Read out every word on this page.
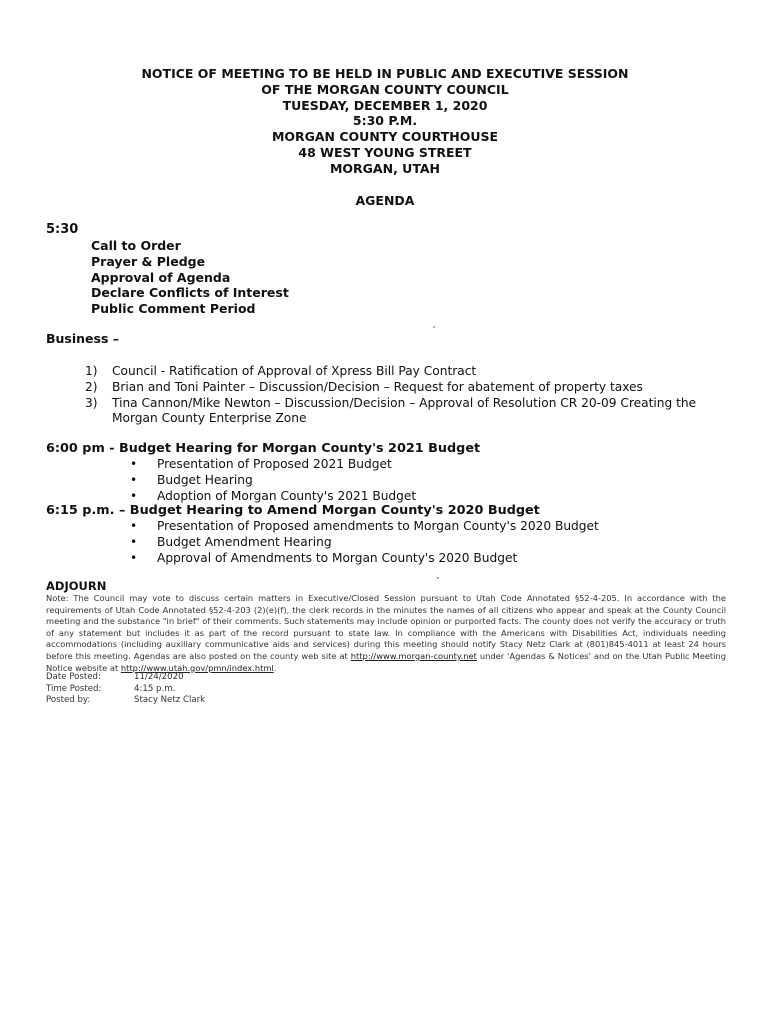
NOTICE OF MEETING TO BE HELD IN PUBLIC AND EXECUTIVE SESSION
OF THE MORGAN COUNTY COUNCIL
TUESDAY, DECEMBER 1, 2020
5:30 P.M.
MORGAN COUNTY COURTHOUSE
48 WEST YOUNG STREET
MORGAN, UTAH
AGENDA
5:30
Call to Order
Prayer & Pledge
Approval of Agenda
Declare Conflicts of Interest
Public Comment Period
Business –
1)	Council - Ratification of Approval of Xpress Bill Pay Contract
2)	Brian and Toni Painter – Discussion/Decision – Request for abatement of property taxes
3)	Tina Cannon/Mike Newton – Discussion/Decision – Approval of Resolution CR 20-09 Creating the Morgan County Enterprise Zone
6:00 pm - Budget Hearing for Morgan County's 2021 Budget
•	Presentation of Proposed 2021 Budget
•	Budget Hearing
•	Adoption of Morgan County's 2021 Budget
6:15 p.m. – Budget Hearing to Amend Morgan County's 2020 Budget
•	Presentation of Proposed amendments to Morgan County's 2020 Budget
•	Budget Amendment Hearing
•	Approval of Amendments to Morgan County's 2020 Budget
ADJOURN
Note: The Council may vote to discuss certain matters in Executive/Closed Session pursuant to Utah Code Annotated §52-4-205. In accordance with the requirements of Utah Code Annotated §52-4-203 (2)(e)(f), the clerk records in the minutes the names of all citizens who appear and speak at the County Council meeting and the substance "in brief" of their comments. Such statements may include opinion or purported facts. The county does not verify the accuracy or truth of any statement but includes it as part of the record pursuant to state law. In compliance with the Americans with Disabilities Act, individuals needing accommodations (including auxiliary communicative aids and services) during this meeting should notify Stacy Netz Clark at (801)845-4011 at least 24 hours before this meeting. Agendas are also posted on the county web site at http://www.morgan-county.net under 'Agendas & Notices' and on the Utah Public Meeting Notice website at http://www.utah.gov/pmn/index.html.
Date Posted:	11/24/2020
Time Posted:	4:15 p.m.
Posted by:	Stacy Netz Clark
